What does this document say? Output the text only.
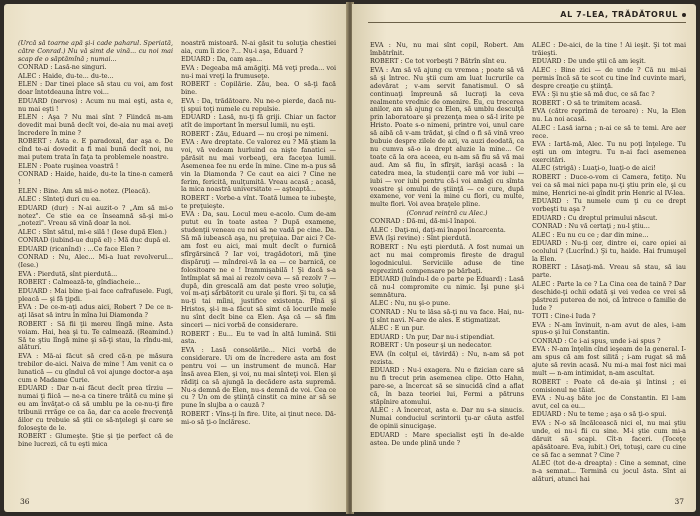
(Urcă să toarne apă şi-i cade paharul. Speriată, către Conrad.) Nu vă simt de vină... cu noi mai scap de o săptămînă ; numai...

CONRAD : Lasă-ne singuri.

ALEC : Haide, du-te... du-te...

ELEN : Dar tinei place să stau cu voi, am fost doar întotdeauna între voi...

EDUARD (nervos) : Acum nu mai eşti, asta e, nu mai eşti !

ELEN : Aşa ? Nu mai sînt ? Fiindcă m-am dovedit mai bună decît voi, de-aia nu mai aveţi încredere în mine ?

ROBERT : Asta e. E paradoxal, dar aşa e. De cînd te-ai dovedit a fi mai bună decît noi, nu mai putem trata în faţa ta problemele noastre.

ELEN : Poate ruşinea voastră !

CONRAD : Haide, haide, du-te la tine-n cameră !

ELEN : Bine. Am să mi-o notez. (Pleacă).

ALEC : Sînteţi duri cu ea.

EDUARD (dur) : N-ai auzit-o ? „Am să mi-o notez". Ce stie ea ce înseamnă să-şi mi-o „notezi". Vreau să vină doar la noi.

ALEC : Sînt sătul, mi-e silă ! (Iese după Elen.)

CONRAD (iubind-ue după el) : Mă duc după el.

EDUARD (ricanînd) : ...Ce face Elen ?

CONRAD : Nu, Alec... Mi-a luat revolverul... (Iese.)

EVA : Pierdută, sînt pierdută...

ROBERT : Calmează-te, gîndiacheie...

EDUARD : Mai bine ţi-ai face cafrafusele. Fugi, pleacă — şi fă ţipdi.

EVA : De ce-m-aţi adus aici, Robert ? De ce n-aţi lăsat să intru în mîna lui Diamonda ?

ROBERT : Să fii ţii mereu lîngă mine. Asta voiam. Hai, hea şi tu. Te calmează. (Reamind.) Să te ştiu lîngă mine şi să-ţi stau, la rîndu-mi, alături.

EVA : Mă-ai făcut să cred că-n pe măsura trebilor de-aici. Naiva de mine ! Am venit ca o lunatică — cu gîndul că voi ajunge doctor-a aşa cum e Madame Curie.

EDUARD : Dar n-ai făcut decît prea tîrziu — numai ţi fiică — ne-a ca tinere trăită cu mine şi eu am învăţat-o că să umblu pe la ce-nu-ţi fire tribunii rrrăge ce ca ăa, dar ca acele frecvenţă ăilor cu trebuie să ştii ce să-nţelegi şi care se foloseşte de le.

ROBERT : Glumeşte. Ştie şi ţie perfect că de bine lucrezi, că tu eşti mica

noastră mistoară. N-ai găsit tu soluţia chestiei aia, cum îi zice ?... Nu-i aşa, Eduard ?

EDUARD : Da, cam aşa...

EVA : Degeaba mă amăgiţi. Mă veţi preda... voi nu-i mai vreţi la frumuseţe.

ROBERT : Copilărie. Zău, bea. O să-ţi facă bine.

EVA : Da, trădătoare. Nu ne-o pierde, dacă nu-ţi spui toţi numele cu repulsie.

EDUARD : Lasă, nu-ţi fă griji. Chiar un factor atît de important în mersul lumii, nu eşti.

ROBERT : Zău, Eduard — nu croşi pe nimeni.

EVA : Ave dreptate. Ce valorez eu ? Mă ştiam la voi, vă vedeam hurluind ca nişte fanatici — părăsit nu mai vorbeaţi, era faceţea lumii. Asemenea fee nu erde în mine. Cine m-a pus să vin la Diamonda ? Ce caut ea aici ? Cine ne ferim, fericită, mulţumită. Vreau acasă ; acasă, la mica noastră universitate — aşteaptă...

ROBERT : Vorbe-a vînt. Toată lumea te iubeşte, te preţuieşte.

EVA : Da, sau. Locul meu e-acolo. Cum de-am putut eu în toate astea ? După examene, studenţii veneau cu noi să ne vadă pe cine. Da. Să mă iubească aşa, nu preţuiaa. Dar aici ? Ce-am fost eu aici, mai mult decît o furnică sfîrgărsincă ? Iar voi, tragădotori, mă ţine dispăruţi — mîndrei-vă la ea — ce barnică, ce folositoare ne e ! Irammişabilă ! Şi dacă s-a întîmplat să mai ai rezolv ceva — să rezolv ? — după, din grescală am dat peste vreo soluţie, voi m-aţi sărbătorit cu urale şi flori. Şi tu, ca să nu-ţi tai mîini, justifice existenţa. Pînă şi Hristos, şi-i m-a făcut să simt că locurile mele nu sînt decît bine ca Elen. Aşa că — să fim sinceri — nici vorbă de considerare.

ROBERT : Eu... Eu te vad în altă lumină. Stii asta.

EVA : Lasă consolările... Nici vorbă de considerare. Ui om de încredere asta am fost pentru voi — un instrument de muncă. Har însă avea Elen, şi voi, nu mai sînteţi voi. Elen şi rădiţi ca să ajungă la decădere asta supremă. Nu-s demnă de Elen, nu-s demnă de voi. Cea ce cu ? Un om de ştiinţă cinstit ca mine ar să se pune în slujba a o cauză ?

ROBERT : Vîns-ţi în fire. Uite, ai ţinut nece. Dă-mi-o să ţi-o înclăresc.

36
AL 7-LEA, TRĂDĂTORUL

EVA : Nu, nu mai sînt copil, Robert. Am îmbătrînit.

ROBERT : Ce tot vorbeşti ? Bătrîn sînt eu.

EVA : Am să vă ajung cu vremea ; poate să vă să şi întrec. Nu ştii cum am luat lucrurile ca adevărat ; v-am servit fanatismul. O să continuaţi împreună să lucraţi la ceva realmente vrednic de omenire. Eu, cu trecerea anilor, am să ajung ca Elen, să umblu desculţă prin laboratoare şi prezenţa mea o să-l irite pe Hristo. Poate s-o nimeni, printre voi, unul care să aibă că v-am trădat, şi cînd o fi să vină vreo bubuie despre zilele de azi, va auzi deodată, ca nu cumva să-o ia drept aluzie la mine... Ce toate că la ora aceea, eu n-am să fiu să vă mai aud. Am să fiu, în sfîrşit, iarăşi acasă : la catedra mea, la studenţii care mă vor iubi — iubi — vor iubi pentru că-i voi amăgi cu sîmta voastre şi omului de ştiinţă — ce cure, după examene, vor veni la mine cu flori, cu multe, multe flori. Voi avea braţele pline.

(Conrad reintră cu Alec.)

CONRAD : Dă-mi, dă-mi-l înapoi.

ALEC : Daţi-mi, daţi-mi înapoi încarcenta.

EVA (îşi revine) : Sînt pierdută.

ROBERT : Nu eşti pierdută. A fost numai un act nu mai compromis firește de dragul logodnicului. Serviciile aduse de tine reprezintă compensare pe bărbaţi.

EDUARD (luîndu-l de o parte pe Eduard) : Lasă că nu-l compromite cu nimic. Îşi pune şi-i semnătura.

ALEC : Nu, nu şi-o pune.

CONRAD : Nu te lăsa să-ţi nu va face. Hai, nu-ţi sînt navi. N-are de ales. E stigmatizat.

ALEC : E un pur.

EDUARD : Un pur, Dar nu-i stipendiat.

ROBERT : Un poseur şi un nedecator.

EVA (în colţul ei, tăvirdă) : Nu, n-am să pot rezista.

EDUARD : Nu-i exagera. Nu e fizician care să nu fi trecut prin asemenea clipe. Otto Hahn, pare-se, a încercat să se sinucidă cînd a aflat că, în baza teoriei lui, Fermi a pătruns stăpînire atomului.

ALEC : A încercat, asta e. Dar nu s-a sinucis. Numai conduciul scrintorii ţu-ar căuta astfel de opinii sinucigaşe.

EDUARD : Mare specialist eşti în de-alde astea. De unde plină unde ?

ALEC : De-aici, de la tine ! Ai ieşit. Şi tot mai trăieşti.

EDUARD : De unde ştii că am ieşit.

ALEC : Bine zici — de unde ? Că nu mi-ai permis încă să te scot cu tine înd cuvinte mari, despre creaţie cu ştiinţă.

EVA : Şi nu ştie să mă duc, ce să fac ?

ROBERT : O să te trimitem acasă.

EVA (către reprimă de teroare) : Nu, la Elen nu. La noi acasă.

ALEC : Lasă iarna ; n-ai ce să te temi. Are aer rece.

EVA : Iartă-mă, Alec. Tu nu poţi înţelege. Tu eşti un om integru. Tu n-ai faci asemenea exercitări.

ALEC (strigă) : Luaţi-o, luaţi-o de aici!

ROBERT : Duce-o-vom ci Camera, fetiţo. Nu vei ca să mai nici papa nu-ţi ştiu prin ele, şi cu mine, Henrici ne-ai gîndit prin Henric al IV-lea.

EDUARD : Tu numele cum ţi cu ce drept vorbeşti tu aşa ?

EDUARD : Cu dreptul primului născut.

CONRAD : Nu vă certaţi ; nu-l ştiu...

ALEC : Eu nu cu ce ; dar din mine...

EDUARD : Nu-ţi cer, dintre ei, care opiei ai ocolului ? (Lucrînd.) Şi tu, haide. Hai frumuşel la Elen.

ROBERT : Lăsaţi-mă. Vreau să stau, să iau parte.

ALEC : Parte la ce ? La Cina cea de taină ? Dar deschide-ţi ochii odată şi vei vedea ce vrei să păstrezi puterea de noi, că întrece o familie de Iude ?

TOTI : Cine-i Iuda ?

EVA : N-am învinuit, n-am avut de ales, i-am spus-o şi lui Constantin.

CONRAD : Ce i-ai spus, unde i-ai spus ?

EVA : N-am înţelin cînd ieşeam de la general. I-am spus că am fost silită ; i-am rugat să mă ajute să revin acasă. Nu mi-a mai fost nici mai mult — n-am intimidat, n-am ascultat.

ROBERT : Poate că de-aia şi întinsi ; ei comisionul ne tăiat.

EVA : Nu-aş băte joc de Constantin. El l-am avut, cel ca eu...

EDUARD : Nu te teme ; aşa o să ţi-o spui.

EVA : N-o să încălcească nici el, nu mai ştiu unde, ei nu-i fii cu sine. M-i ştie cum mi-a dăruit să scapi. Cît-n faceri. (Toceţe apăsătoare. Eva, iubit.) Ori, totuşi, care cu cine ce să fac a semnat ? Cine ?

ALEC (tot de-a dreapta) : Cine a semnat, cine n-a semnat... Termină cu jocul ăsta. Sînt ai alături, atunci hai

37
